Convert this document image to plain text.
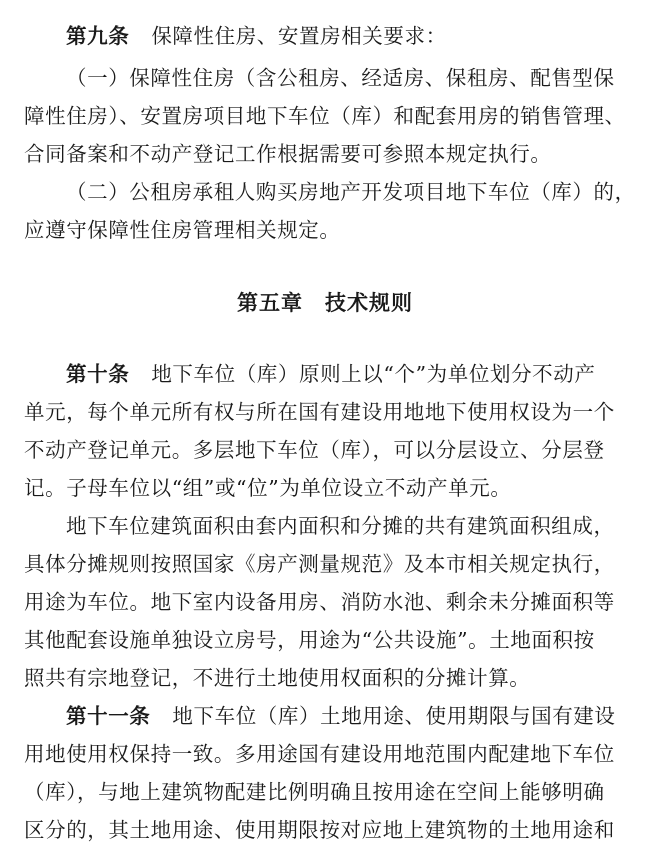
第九条 保障性住房、安置房相关要求：
（一）保障性住房（含公租房、经适房、保租房、配售型保
障性住房）、安置房项目地下车位（库）和配套用房的销售管理、
合同备案和不动产登记工作根据需要可参照本规定执行。
（二）公租房承租人购买房地产开发项目地下车位（库）的，
应遵守保障性住房管理相关规定。
第五章　技术规则
第十条 地下车位（库）原则上以“个”为单位划分不动产
单元，每个单元所有权与所在国有建设用地地下使用权设为一个
不动产登记单元。多层地下车位（库），可以分层设立、分层登
记。子母车位以“组”或“位”为单位设立不动产单元。
地下车位建筑面积由套内面积和分摊的共有建筑面积组成，
具体分摊规则按照国家《房产测量规范》及本市相关规定执行，
用途为车位。地下室内设备用房、消防水池、剩余未分摊面积等
其他配套设施单独设立房号，用途为“公共设施”。土地面积按
照共有宗地登记，不进行土地使用权面积的分摊计算。
第十一条 地下车位（库）土地用途、使用期限与国有建设
用地使用权保持一致。多用途国有建设用地范围内配建地下车位
（库），与地上建筑物配建比例明确且按用途在空间上能够明确
区分的，其土地用途、使用期限按对应地上建筑物的土地用途和
